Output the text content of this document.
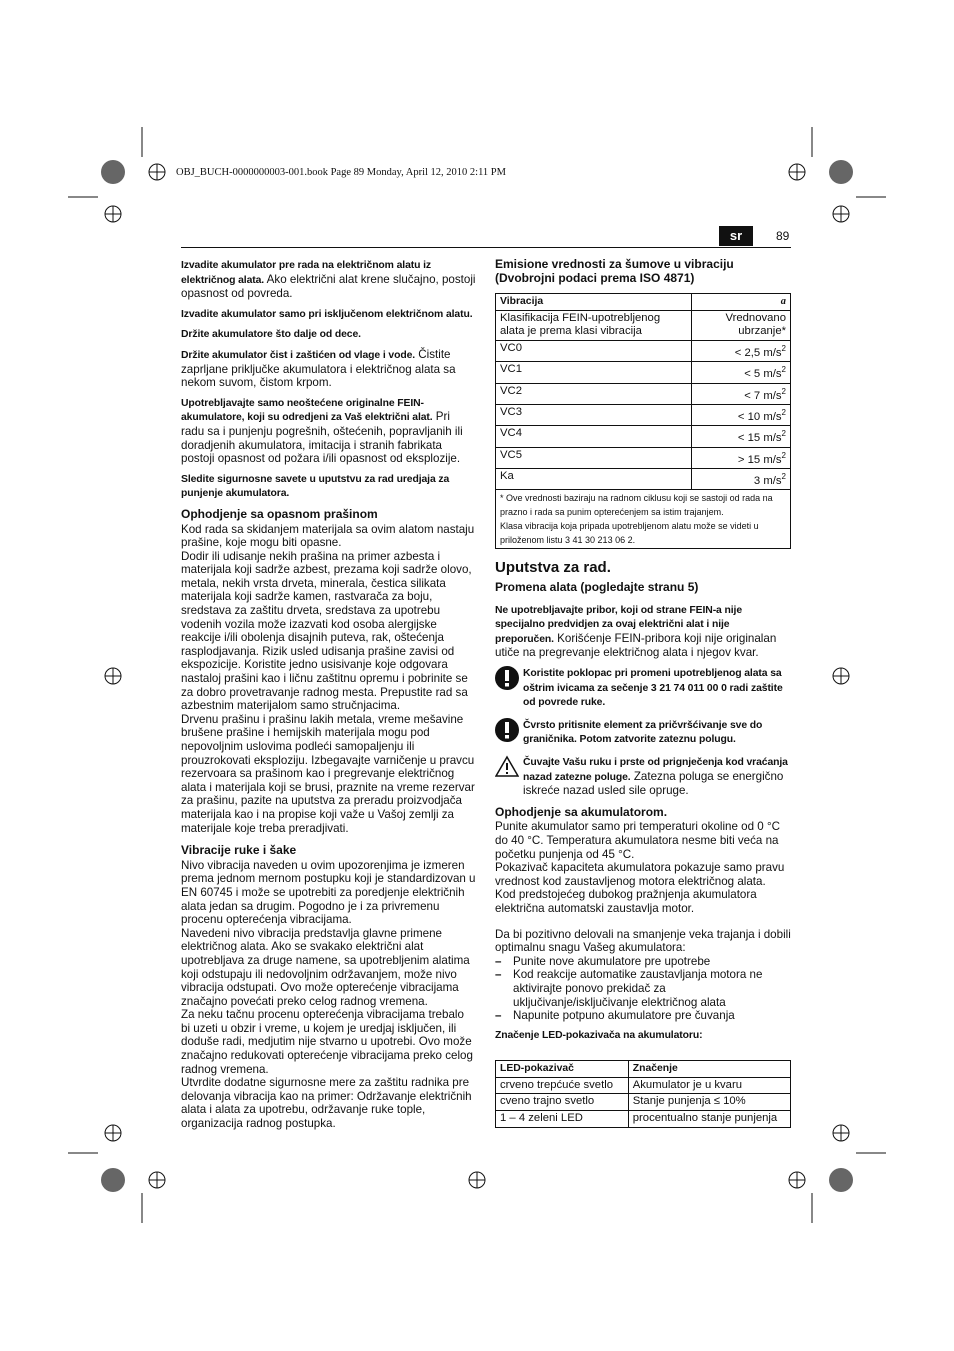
OBJ_BUCH-0000000003-001.book Page 89 Monday, April 12, 2010 2:11 PM
sr	89

Izvadite akumulator pre rada na električnom alatu iz električnog alata. Ako električni alat krene slučajno, postoji opasnost od povreda.

Izvadite akumulator samo pri isključenom električnom alatu.

Držite akumulatore što dalje od dece.

Držite akumulator čist i zaštićen od vlage i vode. Čistite zaprljane priključke akumulatora i električnog alata sa nekom suvom, čistom krpom.

Upotrebljavajte samo neoštećene originalne FEIN-akumulatore, koji su odredjeni za Vaš električni alat. Pri radu sa i punjenju pogrešnih, oštećenih, popravljanih ili doradjenih akumulatora, imitacija i stranih fabrikata postoji opasnost od požara i/ili opasnost od eksplozije.

Sledite sigurnosne savete u uputstvu za rad uredjaja za punjenje akumulatora.

Ophodjenje sa opasnom prašinom
Kod rada sa skidanjem materijala sa ovim alatom nastaju prašine, koje mogu biti opasne.
Dodir ili udisanje nekih prašina na primer azbesta i materijala koji sadrže azbest, prezama koji sadrže olovo, metala, nekih vrsta drveta, minerala, čestica silikata materijala koji sadrže kamen, rastvarača za boju, sredstava za zaštitu drveta, sredstava za upotrebu vodenih vozila može izazvati kod osoba alergijske reakcije i/ili obolenja disajnih puteva, rak, oštećenja rasplodjavanja. Rizik usled udisanja prašine zavisi od ekspozicije. Koristite jedno usisivanje koje odgovara nastaloj prašini kao i ličnu zaštitnu opremu i pobrinite se za dobro provetravanje radnog mesta. Prepustite rad sa azbestnim materijalom samo stručnjacima.
Drvenu prašinu i prašinu lakih metala, vreme mešavine brušene prašine i hemijskih materijala mogu pod nepovoljnim uslovima podleći samopaljenju ili prouzrokovati eksploziju. Izbegavajte varničenje u pravcu rezervoara sa prašinom kao i pregrevanje električnog alata i materijala koji se brusi, praznite na vreme rezervar za prašinu, pazite na uputstva za preradu proizvodjača materijala kao i na propise koji važe u Vašoj zemlji za materijale koje treba preradjivati.
Vibracije ruke i šake
Nivo vibracija naveden u ovim upozorenjima je izmeren prema jednom mernom postupku koji je standardizovan u EN 60745 i može se upotrebiti za poredjenje električnih alata jedan sa drugim. Pogodno je i za privremenu procenu opterećenja vibracijama.
Navedeni nivo vibracija predstavlja glavne primene električnog alata. Ako se svakako električni alat upotrebljava za druge namene, sa upotrebljenim alatima koji odstupaju ili nedovoljnim održavanjem, može nivo vibracija odstupati. Ovo može opterećenje vibracijama značajno povećati preko celog radnog vremena.
Za neku tačnu procenu opterećenja vibracijama trebalo bi uzeti u obzir i vreme, u kojem je uredjaj isključen, ili doduše radi, medjutim nije stvarno u upotrebi. Ovo može značajno redukovati opterećenje vibracijama preko celog radnog vremena.
Utvrdite dodatne sigurnosne mere za zaštitu radnika pre delovanja vibracija kao na primer: Održavanje električnih alata i alata za upotrebu, održavanje ruke tople, organizacija radnog postupka.
Emisione vrednosti za šumove u vibraciju (Dvobrojni podaci prema ISO 4871)
Vibracija	a
Klasifikacija FEIN-upotrebljenog alata je prema klasi vibracija	Vrednovano ubrzanje*
VC0	< 2,5 $m/s^2$
VC1	< 5 $m/s^2$
VC2	< 7 $m/s^2$
VC3	< 10 $m/s^2$
VC4	< 15 $m/s^2$
VC5	> 15 $m/s^2$
Ka	3 $m/s^2$

* Ove vrednosti baziraju na radnom ciklusu koji se sastoji od rada na prazno i rada sa punim opterećenjem sa istim trajanjem.
Klasa vibracija koja pripada upotrebljenom alatu može se videti u priloženom listu 3 41 30 213 06 2.	
Uputstva za rad.
Promena alata (pogledajte stranu 5)

Ne upotrebljavajte pribor, koji od strane FEIN-a nije specijalno predvidjen za ovaj električni alat i nije preporučen. Korišćenje FEIN-pribora koji nije originalan utiče na pregrevanje električnog alata i njegov kvar.

Koristite poklopac pri promeni upotrebljenog alata sa oštrim ivicama za sečenje 3 21 74 011 00 0 radi zaštite od povrede ruke.
Čvrsto pritisnite element za pričvršćivanje sve do graničnika. Potom zatvorite zateznu polugu.
Čuvajte Vašu ruku i prste od prignječenja kod vraćanja nazad zatezne poluge. Zatezna poluga se energično iskreće nazad usled sile opruge.
Ophodjenje sa akumulatorom.
Punite akumulator samo pri temperaturi okoline od 0 °C do 40 °C. Temperatura akumulatora nesme biti veća na početku punjenja od 45 °C.
Pokazivač kapaciteta akumulatora pokazuje samo pravu vrednost kod zaustavljenog motora električnog alata.
Kod predstojećeg dubokog pražnjenja akumulatora električna automatski zaustavlja motor.
Da bi pozitivno delovali na smanjenje veka trajanja i dobili optimalnu snagu Vašeg akumulatora:
– Punite nove akumulatore pre upotrebe
– Kod reakcije automatike zaustavljanja motora ne aktivirajte ponovo prekidač za uključivanje/isključivanje električnog alata
– Napunite potpuno akumulatore pre čuvanja
Značenje LED-pokazivača na akumulatoru:
LED-pokazivač	Značenje
crveno trepćuće svetlo	Akumulator je u kvaru
cveno trajno svetlo	Stanje punjenja ≤ 10%
1 – 4 zeleni LED	procentualno stanje punjenja
